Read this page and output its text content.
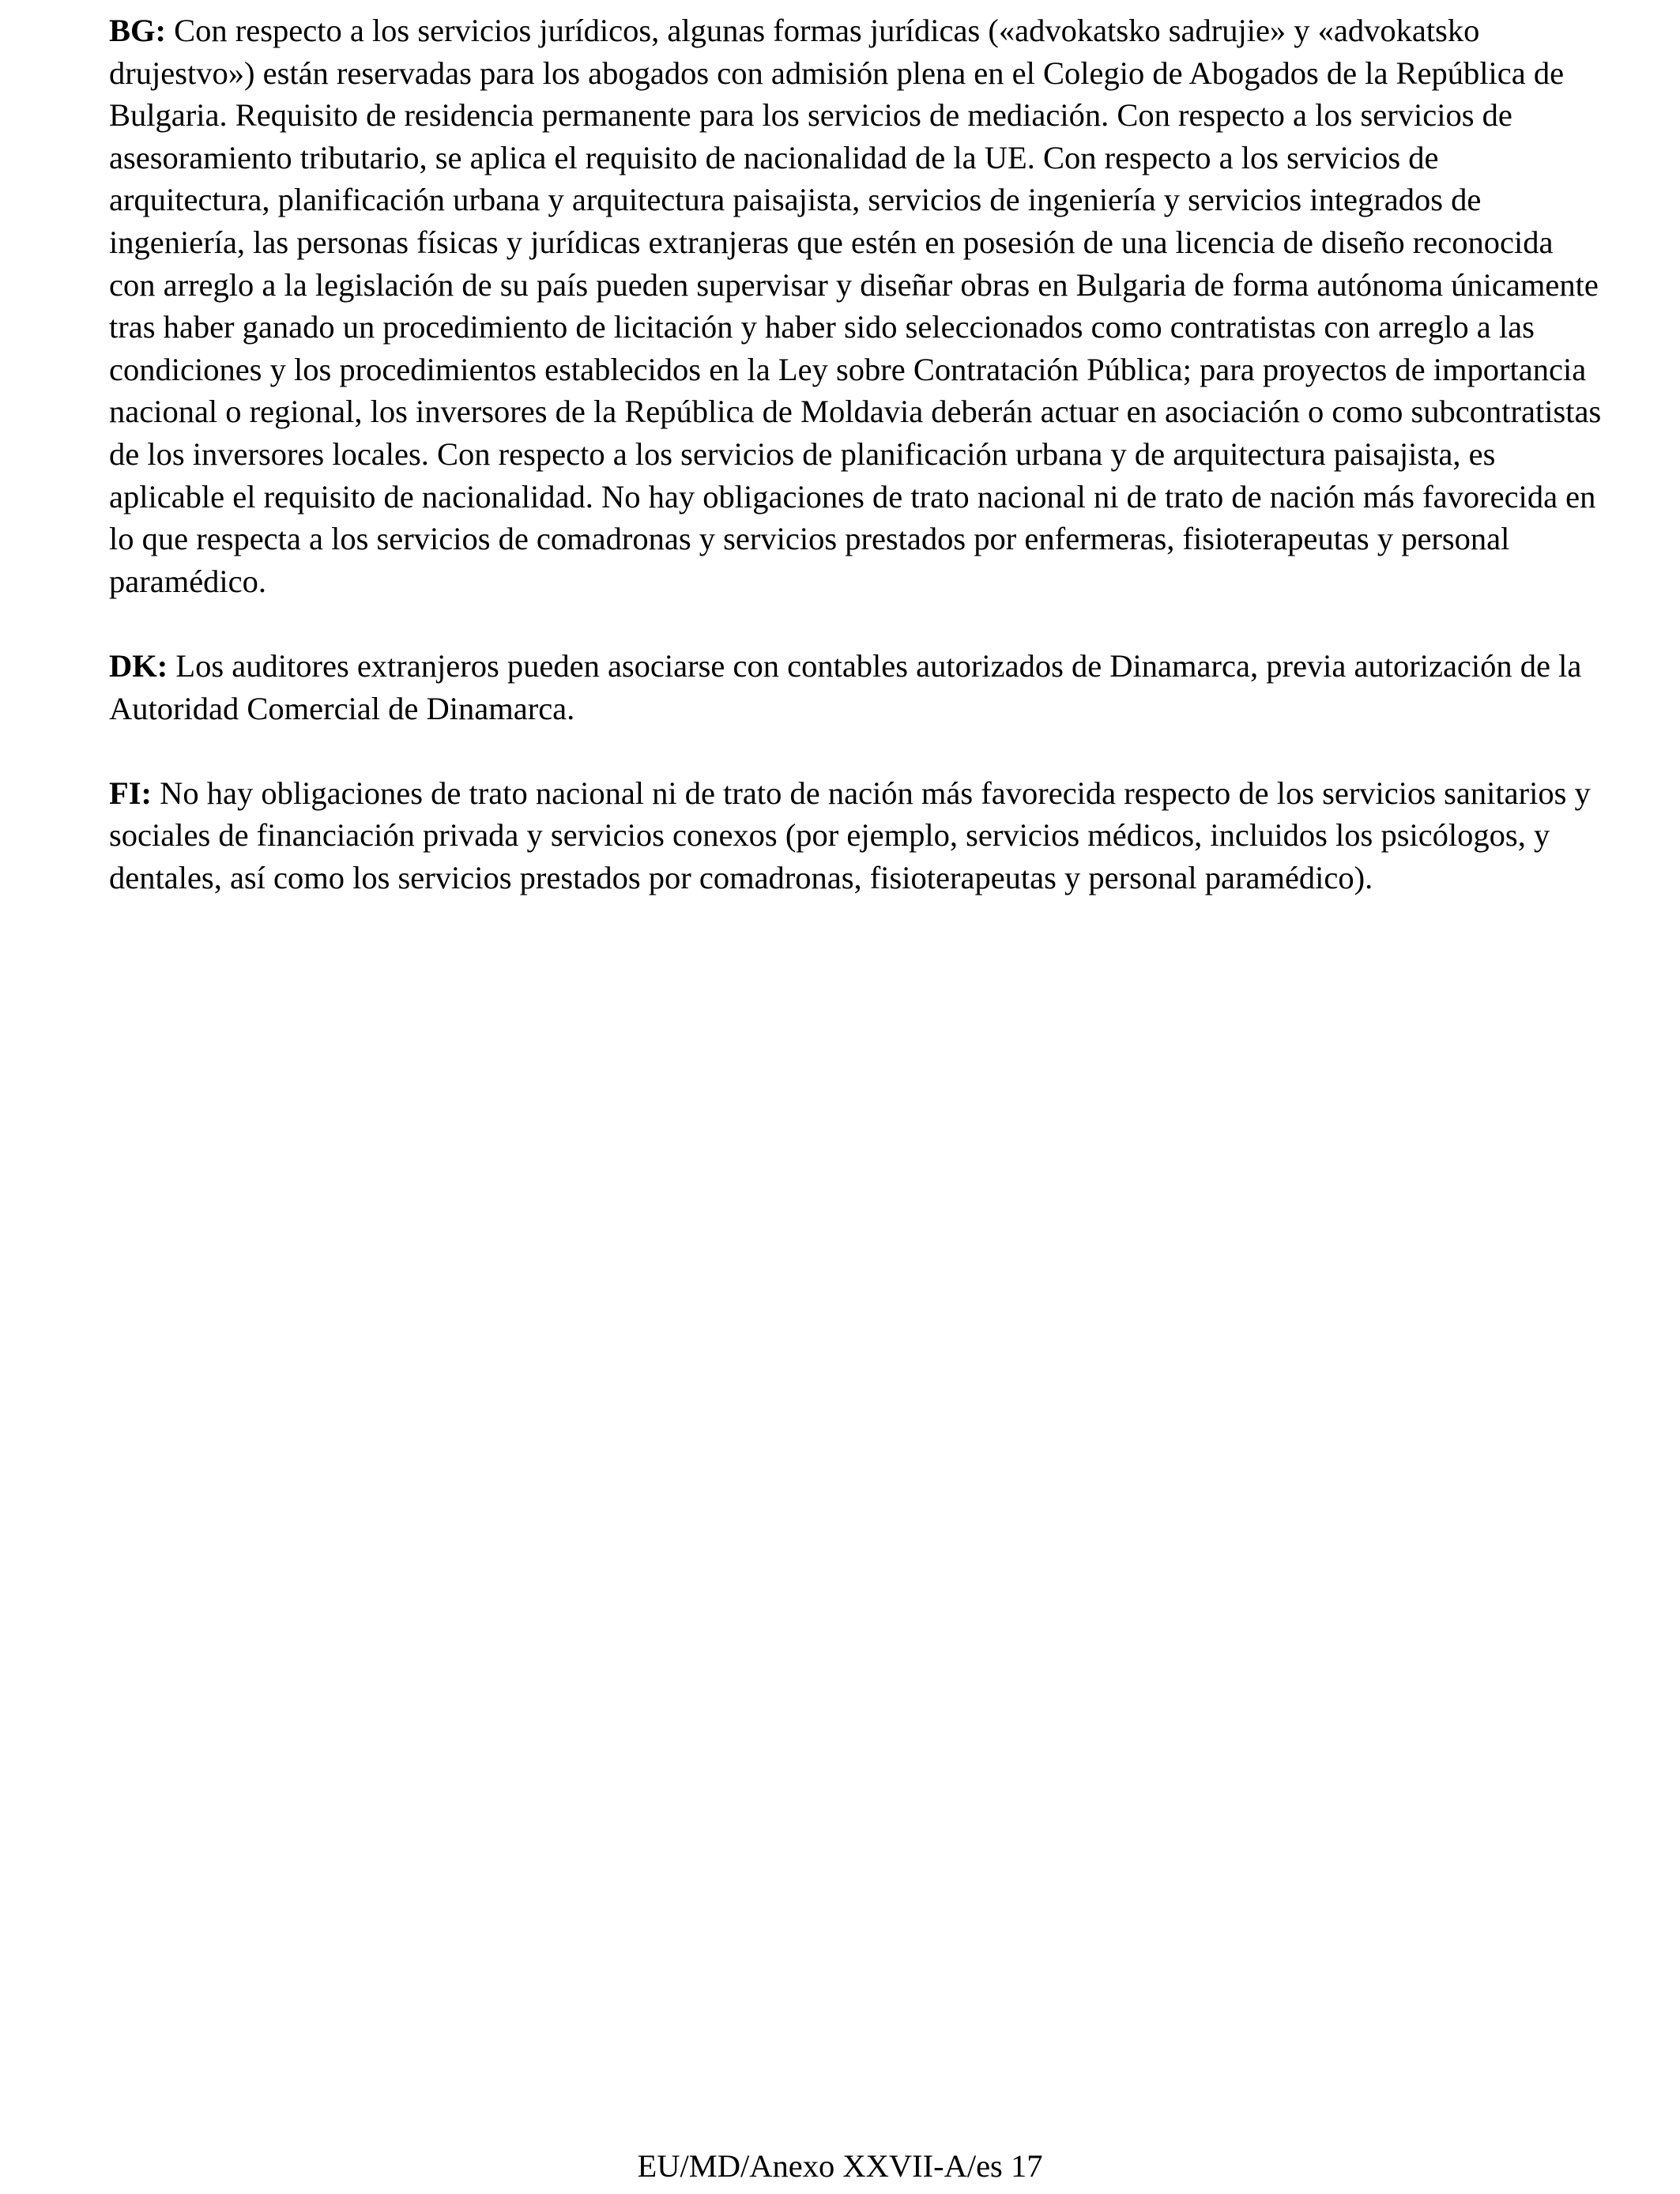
BG: Con respecto a los servicios jurídicos, algunas formas jurídicas («advokatsko sadrujie» y «advokatsko drujestvo») están reservadas para los abogados con admisión plena en el Colegio de Abogados de la República de Bulgaria. Requisito de residencia permanente para los servicios de mediación. Con respecto a los servicios de asesoramiento tributario, se aplica el requisito de nacionalidad de la UE. Con respecto a los servicios de arquitectura, planificación urbana y arquitectura paisajista, servicios de ingeniería y servicios integrados de ingeniería, las personas físicas y jurídicas extranjeras que estén en posesión de una licencia de diseño reconocida con arreglo a la legislación de su país pueden supervisar y diseñar obras en Bulgaria de forma autónoma únicamente tras haber ganado un procedimiento de licitación y haber sido seleccionados como contratistas con arreglo a las condiciones y los procedimientos establecidos en la Ley sobre Contratación Pública; para proyectos de importancia nacional o regional, los inversores de la República de Moldavia deberán actuar en asociación o como subcontratistas de los inversores locales. Con respecto a los servicios de planificación urbana y de arquitectura paisajista, es aplicable el requisito de nacionalidad. No hay obligaciones de trato nacional ni de trato de nación más favorecida en lo que respecta a los servicios de comadronas y servicios prestados por enfermeras, fisioterapeutas y personal paramédico.

DK: Los auditores extranjeros pueden asociarse con contables autorizados de Dinamarca, previa autorización de la Autoridad Comercial de Dinamarca.

FI: No hay obligaciones de trato nacional ni de trato de nación más favorecida respecto de los servicios sanitarios y sociales de financiación privada y servicios conexos (por ejemplo, servicios médicos, incluidos los psicólogos, y dentales, así como los servicios prestados por comadronas, fisioterapeutas y personal paramédico).

EU/MD/Anexo XXVII-A/es 17
